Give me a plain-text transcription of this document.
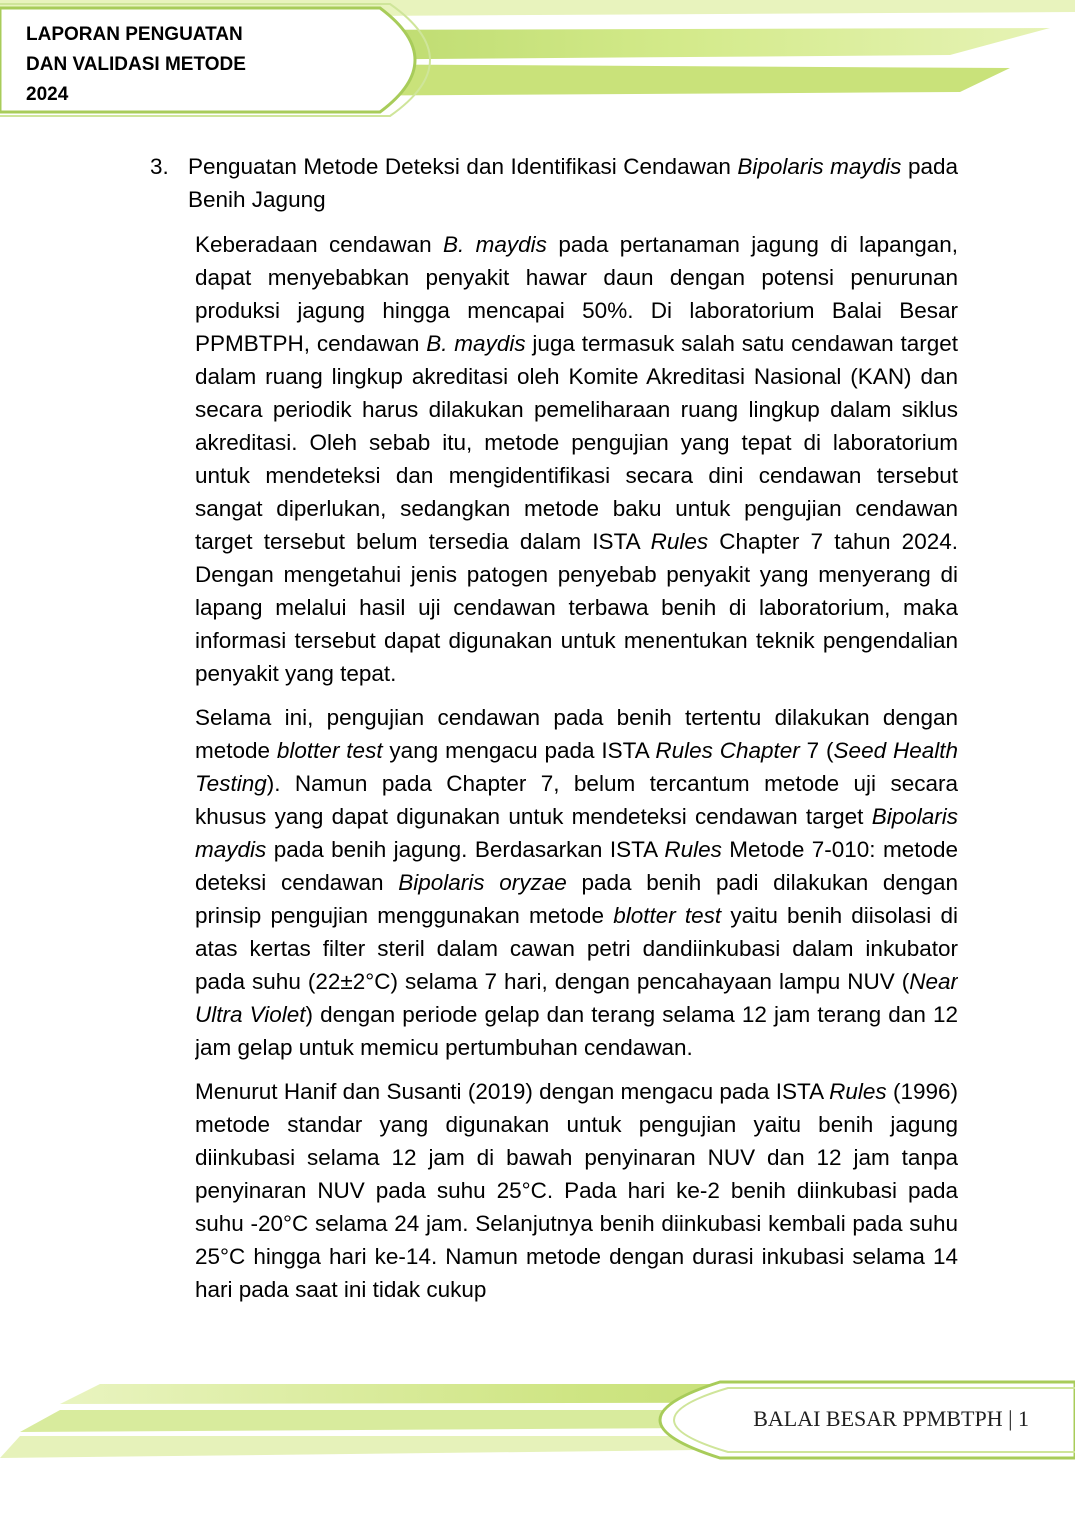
LAPORAN PENGUATAN
DAN VALIDASI METODE
2024
3. Penguatan Metode Deteksi dan Identifikasi Cendawan Bipolaris maydis pada Benih Jagung

Keberadaan cendawan B. maydis pada pertanaman jagung di lapangan, dapat menyebabkan penyakit hawar daun dengan potensi penurunan produksi jagung hingga mencapai 50%. Di laboratorium Balai Besar PPMBTPH, cendawan B. maydis juga termasuk salah satu cendawan target dalam ruang lingkup akreditasi oleh Komite Akreditasi Nasional (KAN) dan secara periodik harus dilakukan pemeliharaan ruang lingkup dalam siklus akreditasi. Oleh sebab itu, metode pengujian yang tepat di laboratorium untuk mendeteksi dan mengidentifikasi secara dini cendawan tersebut sangat diperlukan, sedangkan metode baku untuk pengujian cendawan target tersebut belum tersedia dalam ISTA Rules Chapter 7 tahun 2024. Dengan mengetahui jenis patogen penyebab penyakit yang menyerang di lapang melalui hasil uji cendawan terbawa benih di laboratorium, maka informasi tersebut dapat digunakan untuk menentukan teknik pengendalian penyakit yang tepat.

Selama ini, pengujian cendawan pada benih tertentu dilakukan dengan metode blotter test yang mengacu pada ISTA Rules Chapter 7 (Seed Health Testing). Namun pada Chapter 7, belum tercantum metode uji secara khusus yang dapat digunakan untuk mendeteksi cendawan target Bipolaris maydis pada benih jagung. Berdasarkan ISTA Rules Metode 7-010: metode deteksi cendawan Bipolaris oryzae pada benih padi dilakukan dengan prinsip pengujian menggunakan metode blotter test yaitu benih diisolasi di atas kertas filter steril dalam cawan petri dandiinkubasi dalam inkubator pada suhu (22±2°C) selama 7 hari, dengan pencahayaan lampu NUV (Near Ultra Violet) dengan periode gelap dan terang selama 12 jam terang dan 12 jam gelap untuk memicu pertumbuhan cendawan.

Menurut Hanif dan Susanti (2019) dengan mengacu pada ISTA Rules (1996) metode standar yang digunakan untuk pengujian yaitu benih jagung diinkubasi selama 12 jam di bawah penyinaran NUV dan 12 jam tanpa penyinaran NUV pada suhu 25°C. Pada hari ke-2 benih diinkubasi pada suhu -20°C selama 24 jam. Selanjutnya benih diinkubasi kembali pada suhu 25°C hingga hari ke-14. Namun metode dengan durasi inkubasi selama 14 hari pada saat ini tidak cukup

BALAI BESAR PPMBTPH | 1
